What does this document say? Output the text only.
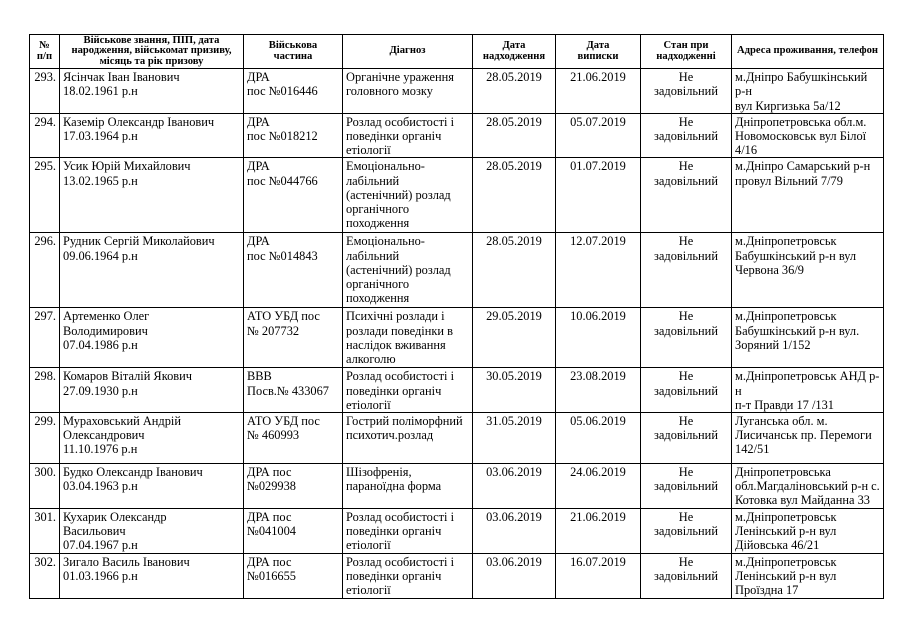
№
п/п	Військове звання, ПІП, дата народження, військомат призиву, місяць та рік призову	Військова
частина	Діагноз	Дата
надходження	Дата
виписки	Стан при
надходженні	Адреса проживання, телефон
293.	Ясінчак Іван Іванович
18.02.1961 р.н	ДРА
пос №016446	Органічне ураження
головного мозку	28.05.2019	21.06.2019	Не
задовільний	м.Дніпро Бабушкінський р-н
вул Киргизька 5а/12
294.	Каземір Олександр Іванович
17.03.1964 р.н	ДРА
пос №018212	Розлад особистості і
поведінки органіч
етіології	28.05.2019	05.07.2019	Не
задовільний	Дніпропетровська обл.м.
Новомосковськ вул Білої
4/16
295.	Усик Юрій Михайлович
13.02.1965 р.н	ДРА
пос №044766	Емоціонально-
лабільний
(астенічний) розлад
органічного
походження	28.05.2019	01.07.2019	Не
задовільний	м.Дніпро Самарський р-н
провул Вільний 7/79
296.	Рудник Сергій Миколайович
09.06.1964 р.н	ДРА
пос №014843	Емоціонально-
лабільний
(астенічний) розлад
органічного
походження	28.05.2019	12.07.2019	Не
задовільний	м.Дніпропетровськ
Бабушкінський р-н вул
Червона 36/9
297.	Артеменко Олег
Володимирович
07.04.1986 р.н	АТО УБД пос
№ 207732	Психічні розлади і
розлади поведінки в
наслідок вживання
алкоголю	29.05.2019	10.06.2019	Не
задовільний	м.Дніпропетровськ
Бабушкінський р-н вул.
Зоряний 1/152
298.	Комаров Віталій Якович
27.09.1930 р.н	ВВВ
Посв.№ 433067	Розлад особистості і
поведінки органіч
етіології	30.05.2019	23.08.2019	Не
задовільний	м.Дніпропетровськ АНД р-н
п-т Правди 17 /131
299.	Мураховський Андрій
Олександрович
11.10.1976 р.н	АТО УБД пос
№ 460993	Гострий поліморфний
психотич.розлад	31.05.2019	05.06.2019	Не
задовільний	Луганська обл. м.
Лисичанськ пр. Перемоги
142/51
300.	Будко Олександр Іванович
03.04.1963 р.н	ДРА пос
№029938	Шізофренія,
параноїдна форма	03.06.2019	24.06.2019	Не
задовільний	Дніпропетровська
обл.Магдалінoвський р-н с.
Котовка вул Майданна 33
301.	Кухарик Олександр
Васильович
07.04.1967 р.н	ДРА пос
№041004	Розлад особистості і
поведінки органіч
етіології	03.06.2019	21.06.2019	Не
задовільний	м.Дніпропетровськ
Ленінський р-н вул Дійовська 46/21
302.	Зигало Василь Іванович
01.03.1966 р.н	ДРА пос
№016655	Розлад особистості і
поведінки органіч
етіології	03.06.2019	16.07.2019	Не
задовільний	м.Дніпропетровськ
Ленінський р-н вул
Проїздна 17
